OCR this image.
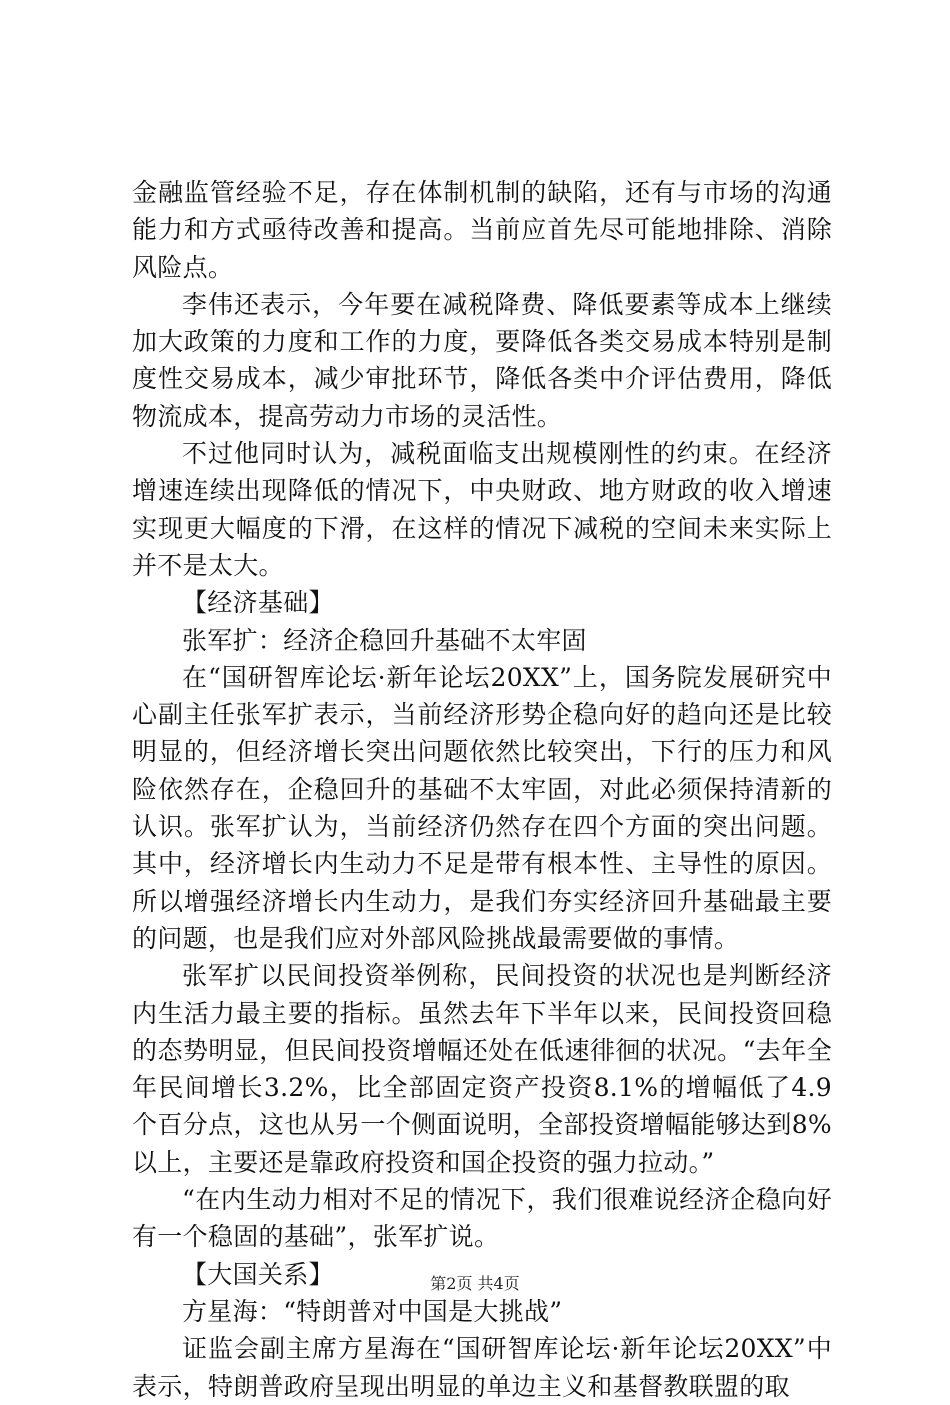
金融监管经验不足，存在体制机制的缺陷，还有与市场的沟通能力和方式亟待改善和提高。当前应首先尽可能地排除、消除风险点。

李伟还表示，今年要在减税降费、降低要素等成本上继续加大政策的力度和工作的力度，要降低各类交易成本特别是制度性交易成本，减少审批环节，降低各类中介评估费用，降低物流成本，提高劳动力市场的灵活性。

不过他同时认为，减税面临支出规模刚性的约束。在经济增速连续出现降低的情况下，中央财政、地方财政的收入增速实现更大幅度的下滑，在这样的情况下减税的空间未来实际上并不是太大。

【经济基础】

张军扩：经济企稳回升基础不太牢固

在“国研智库论坛·新年论坛20XX”上，国务院发展研究中心副主任张军扩表示，当前经济形势企稳向好的趋向还是比较明显的，但经济增长突出问题依然比较突出，下行的压力和风险依然存在，企稳回升的基础不太牢固，对此必须保持清新的认识。张军扩认为，当前经济仍然存在四个方面的突出问题。其中，经济增长内生动力不足是带有根本性、主导性的原因。所以增强经济增长内生动力，是我们夯实经济回升基础最主要的问题，也是我们应对外部风险挑战最需要做的事情。

张军扩以民间投资举例称，民间投资的状况也是判断经济内生活力最主要的指标。虽然去年下半年以来，民间投资回稳的态势明显，但民间投资增幅还处在低速徘徊的状况。“去年全年民间增长3.2%，比全部固定资产投资8.1%的增幅低了4.9个百分点，这也从另一个侧面说明，全部投资增幅能够达到8%以上，主要还是靠政府投资和国企投资的强力拉动。”

“在内生动力相对不足的情况下，我们很难说经济企稳向好有一个稳固的基础”，张军扩说。

【大国关系】

方星海：“特朗普对中国是大挑战”

证监会副主席方星海在“国研智库论坛·新年论坛20XX”中表示，特朗普政府呈现出明显的单边主义和基督教联盟的取

第2页 共4页
